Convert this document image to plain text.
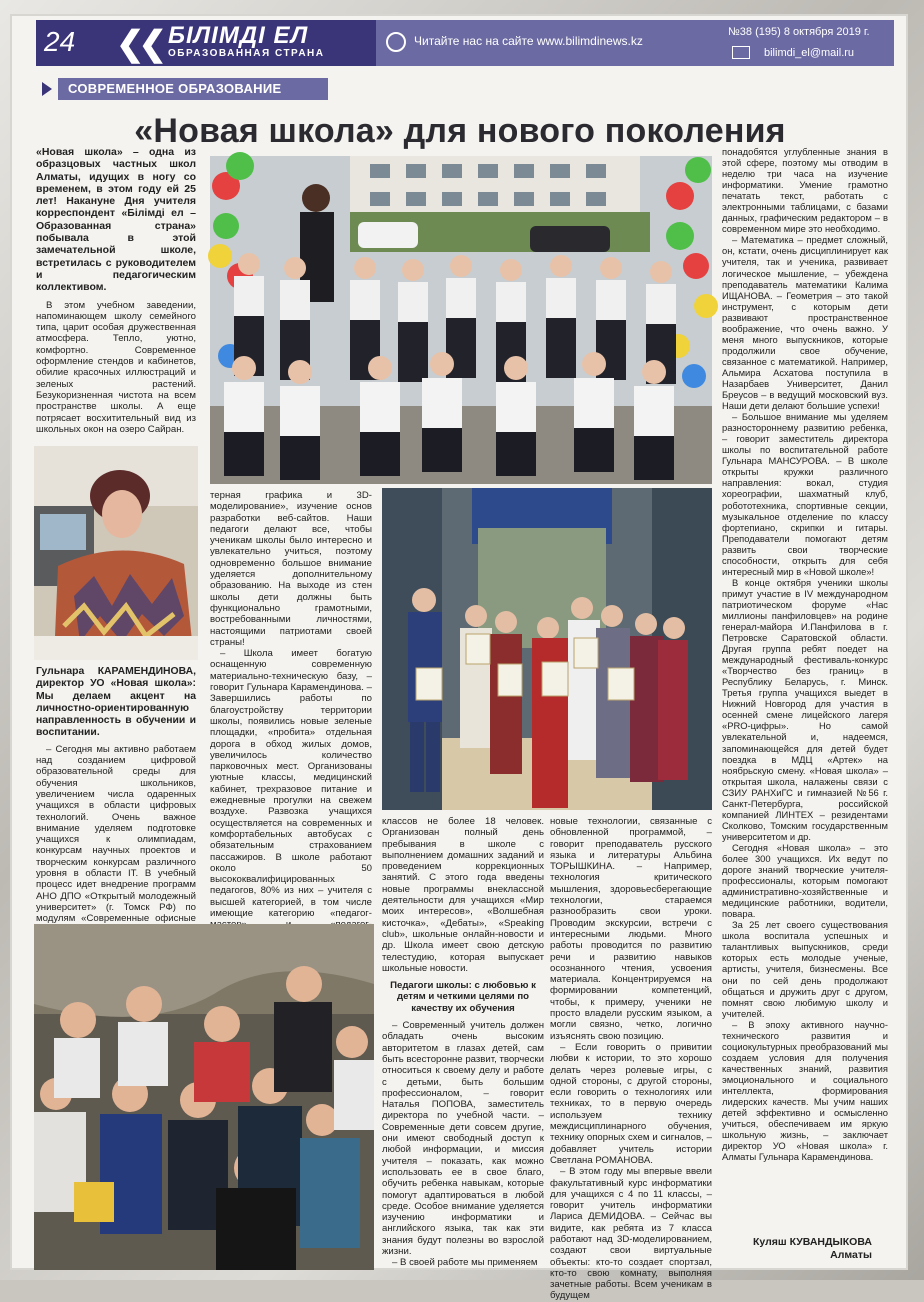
24 ❮❮ БIЛIМДI ЕЛ
ОБРАЗОВАННАЯ СТРАНА
Читайте нас на сайте www.bilimdinews.kz
№38 (195) 8 октября 2019 г.
bilimdi_el@mail.ru
СОВРЕМЕННОЕ ОБРАЗОВАНИЕ
«Новая школа» для нового поколения

«Новая школа» – одна из образцовых частных школ Алматы, идущих в ногу со временем, в этом году ей 25 лет! Накануне Дня учителя корреспондент «Білімді ел – Образованная страна» побывала в этой замечательной школе, встретилась с руководителем и педагогическим коллективом.

В этом учебном заведении, напоминающем школу семейного типа, царит особая дружественная атмосфера. Тепло, уютно, комфортно. Современное оформление стендов и кабинетов, обилие красочных иллюстраций и зеленых растений. Безукоризненная чистота на всем пространстве школы. А еще потрясает восхитительный вид из школьных окон на озеро Сайран.

Гульнара КАРАМЕНДИНОВА, директор УО «Новая школа»: Мы делаем акцент на личностно-ориентированную направленность в обучении и воспитании.

– Сегодня мы активно работаем над созданием цифровой образовательной среды для обучения школьников, увеличением числа одаренных учащихся в области цифровых технологий. Очень важное внимание уделяем подготовке учащихся к олимпиадам, конкурсам научных проектов и творческим конкурсам различного уровня в области IT. В учебный процесс идет внедрение программ АНО ДПО «Открытый молодежный университет» (г. Томск РФ) по модулям «Современные офисные

терная графика и 3D-моделирование», изучение основ разработки веб-сайтов. Наши педагоги делают все, чтобы ученикам школы было интересно и увлекательно учиться, поэтому одновременно большое внимание уделяется дополнительному образованию. На выходе из стен школы дети должны быть функционально грамотными, востребованными личностями, настоящими патриотами своей страны!

– Школа имеет богатую оснащенную современную материально-техническую базу, – говорит Гульнара Карамендинова. – Завершились работы по благоустройству территории школы, появились новые зеленые площадки, «пробита» отдельная дорога в обход жилых домов, увеличилось количество парковочных мест. Организованы уютные классы, медицинский кабинет, трехразовое питание и ежедневные прогулки на свежем воздухе. Развозка учащихся осуществляется на современных и комфортабельных автобусах с обязательным страхованием пассажиров. В школе работают около 50 высококвалифицированных педагогов, 80% из них – учителя с высшей категорией, в том числе имеющие категорию «педагог-

классов не более 18 человек. Организован полный день пребывания в школе с выполнением домашних заданий и проведением коррекционных занятий. С этого года введены новые программы внеклассной деятельности для учащихся «Мир моих интересов», «Волшебная кисточка», «Дебаты», «Speaking club», школьные онлайн-новости и др. Школа имеет свою детскую телестудию, которая выпускает школьные новости.

Педагоги школы: с любовью к детям и четкими целями по качеству их обучения

– Современный учитель должен обладать очень высоким авторитетом в глазах детей, сам быть всесторонне развит, творчески относиться к своему делу и работе с детьми, быть большим профессионалом, – говорит Наталья ПОПОВА, заместитель директора по учебной части. – Современные дети совсем другие, они имеют свободный доступ к любой информации, и миссия учителя – показать, как можно использовать ее в свое благо, обучить ребенка навыкам, которые помогут адаптироваться в любой среде. Особое внимание уделяется изучению информатики и английского языка, так как эти знания будут полезны во взрослой жизни.

– В своей работе мы применяем

новые технологии, связанные с обновленной программой, – говорит преподаватель русского языка и литературы Альбина ТОРЫШКИНА. – Например, технология критического мышления, здоровьесберегающие технологии, стараемся разнообразить свои уроки. Проводим экскурсии, встречи с интересными людьми. Много работы проводится по развитию речи и развитию навыков осознанного чтения, усвоения материала. Концентрируемся на формировании компетенций, чтобы, к примеру, ученики не просто владели русским языком, а могли связно, четко, логично изъяснять свою позицию.

– Если говорить о привитии любви к истории, то это хорошо делать через ролевые игры, с одной стороны, с другой стороны, если говорить о технологиях или техниках, то в первую очередь используем технику междисциплинарного обучения, технику опорных схем и сигналов, – добавляет учитель истории Светлана РОМАНОВА.

– В этом году мы впервые ввели факультативный курс информатики для учащихся с 4 по 11 классы, – говорит учитель информатики Лариса ДЕМИДОВА. – Сейчас вы видите, как ребята из 7 класса работают над 3D-моделированием, создают свои виртуальные объекты: кто-то создает спортзал, кто-то свою комнату, выполняя зачетные работы. Всем ученикам в будущем

понадобятся углубленные знания в этой сфере, поэтому мы отводим в неделю три часа на изучение информатики. Умение грамотно печатать текст, работать с электронными таблицами, с базами данных, графическим редактором – в современном мире это необходимо.

– Математика – предмет сложный, он, кстати, очень дисциплинирует как учителя, так и ученика, развивает логическое мышление, – убеждена преподаватель математики Калима ИЩАНОВА. – Геометрия – это такой инструмент, с которым дети развивают пространственное воображение, что очень важно. У меня много выпускников, которые продолжили свое обучение, связанное с математикой. Например, Альмира Асхатова поступила в Назарбаев Университет, Данил Бреусов – в ведущий московский вуз. Наши дети делают большие успехи!

– Большое внимание мы уделяем разностороннему развитию ребенка, – говорит заместитель директора школы по воспитательной работе Гульнара МАНСУРОВА. – В школе открыты кружки различного направления: вокал, студия хореографии, шахматный клуб, робототехника, спортивные секции, музыкальное отделение по классу фортепиано, скрипки и гитары. Преподаватели помогают детям развить свои творческие способности, открыть для себя интересный мир в «Новой школе»!

В конце октября ученики школы примут участие в IV международном патриотическом форуме «Нас миллионы панфиловцев» на родине генерал-майора И.Панфилова в г. Петровске Саратовской области. Другая группа ребят поедет на международный фестиваль-конкурс «Творчество без границ» в Республику Беларусь, г. Минск. Третья группа учащихся выедет в Нижний Новгород для участия в осенней смене лицейского лагеря «PRO-цифры». Но самой увлекательной и, надеемся, запоминающейся для детей будет поездка в МДЦ «Артек» на ноябрьскую смену. «Новая школа» – открытая школа, налажены связи с СЗИУ РАНХиГС и гимназией №56 г. Санкт-Петербурга, российской компанией ЛИНТЕХ – резидентами Сколково, Томским государственным университетом и др.

Сегодня «Новая школа» – это более 300 учащихся. Их ведут по дороге знаний творческие учителя-профессионалы, которым помогают административно-хозяйственные и медицинские работники, водители, повара.

За 25 лет своего существования школа воспитала успешных и талантливых выпускников, среди которых есть молодые ученые, артисты, учителя, бизнесмены. Все они по сей день продолжают общаться и дружить друг с другом, помнят свою любимую школу и учителей.

– В эпоху активного научно-технического развития и социокультурных преобразований мы создаем условия для получения качественных знаний, развития эмоционального и социального интеллекта, формирования лидерских качеств. Мы учим наших детей эффективно и осмысленно учиться, обеспечиваем им яркую школьную жизнь, – заключает директор УО «Новая школа» г. Алматы Гульнара Карамендинова.

Куляш КУВАНДЫКОВА
Алматы
